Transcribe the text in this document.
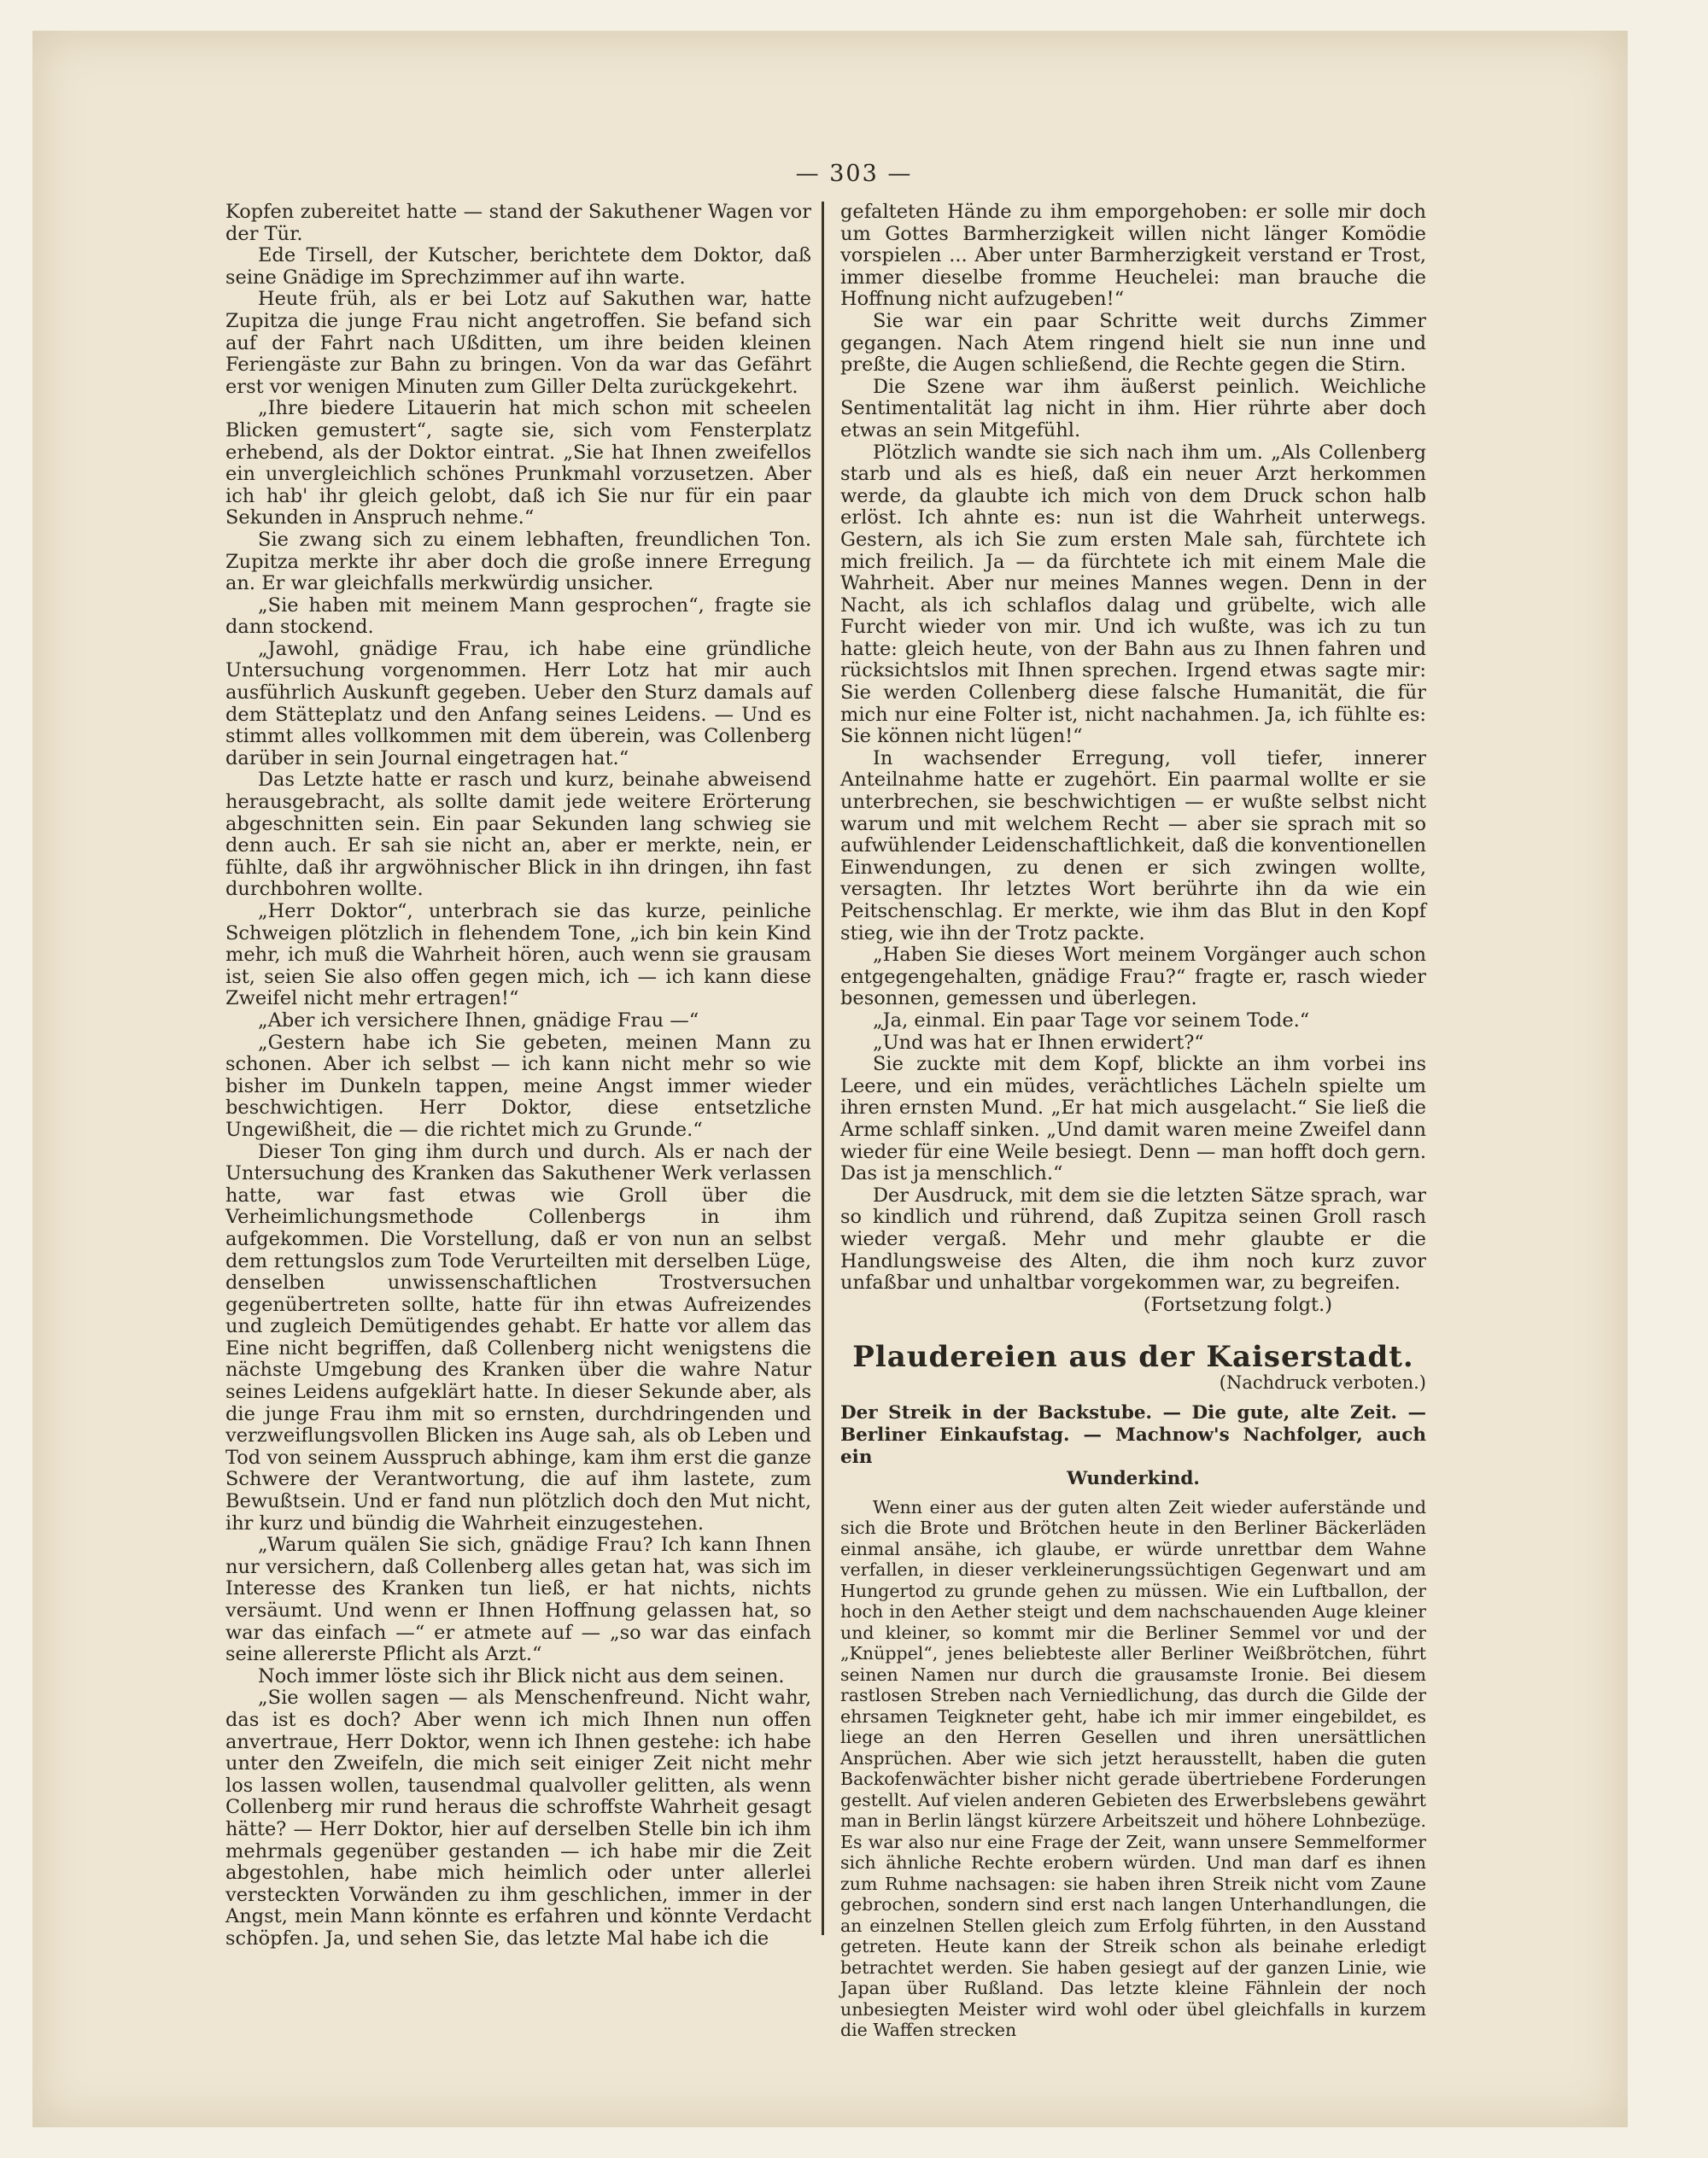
— 303 —

Kopfen zubereitet hatte — stand der Sakuthener Wagen vor der Tür.

Ede Tirsell, der Kutscher, berichtete dem Doktor, daß seine Gnädige im Sprechzimmer auf ihn warte.

Heute früh, als er bei Lotz auf Sakuthen war, hatte Zupitza die junge Frau nicht angetroffen. Sie befand sich auf der Fahrt nach Ußditten, um ihre beiden kleinen Feriengäste zur Bahn zu bringen. Von da war das Gefährt erst vor wenigen Minuten zum Giller Delta zurückgekehrt.

„Ihre biedere Litauerin hat mich schon mit scheelen Blicken gemustert“, sagte sie, sich vom Fensterplatz erhebend, als der Doktor eintrat. „Sie hat Ihnen zweifellos ein unvergleichlich schönes Prunkmahl vorzusetzen. Aber ich hab' ihr gleich gelobt, daß ich Sie nur für ein paar Sekunden in Anspruch nehme.“

Sie zwang sich zu einem lebhaften, freundlichen Ton. Zupitza merkte ihr aber doch die große innere Erregung an. Er war gleichfalls merkwürdig unsicher.

„Sie haben mit meinem Mann gesprochen“, fragte sie dann stockend.

„Jawohl, gnädige Frau, ich habe eine gründliche Untersuchung vorgenommen. Herr Lotz hat mir auch ausführlich Auskunft gegeben. Ueber den Sturz damals auf dem Stätteplatz und den Anfang seines Leidens. — Und es stimmt alles vollkommen mit dem überein, was Collenberg darüber in sein Journal eingetragen hat.“

Das Letzte hatte er rasch und kurz, beinahe abweisend herausgebracht, als sollte damit jede weitere Erörterung abgeschnitten sein. Ein paar Sekunden lang schwieg sie denn auch. Er sah sie nicht an, aber er merkte, nein, er fühlte, daß ihr argwöhnischer Blick in ihn dringen, ihn fast durchbohren wollte.

„Herr Doktor“, unterbrach sie das kurze, peinliche Schweigen plötzlich in flehendem Tone, „ich bin kein Kind mehr, ich muß die Wahrheit hören, auch wenn sie grausam ist, seien Sie also offen gegen mich, ich — ich kann diese Zweifel nicht mehr ertragen!“

„Aber ich versichere Ihnen, gnädige Frau —“

„Gestern habe ich Sie gebeten, meinen Mann zu schonen. Aber ich selbst — ich kann nicht mehr so wie bisher im Dunkeln tappen, meine Angst immer wieder beschwichtigen. Herr Doktor, diese entsetzliche Ungewißheit, die — die richtet mich zu Grunde.“

Dieser Ton ging ihm durch und durch. Als er nach der Untersuchung des Kranken das Sakuthener Werk verlassen hatte, war fast etwas wie Groll über die Verheimlichungsmethode Collenbergs in ihm aufgekommen. Die Vorstellung, daß er von nun an selbst dem rettungslos zum Tode Verurteilten mit derselben Lüge, denselben unwissenschaftlichen Trostversuchen gegenübertreten sollte, hatte für ihn etwas Aufreizendes und zugleich Demütigendes gehabt. Er hatte vor allem das Eine nicht begriffen, daß Collenberg nicht wenigstens die nächste Umgebung des Kranken über die wahre Natur seines Leidens aufgeklärt hatte. In dieser Sekunde aber, als die junge Frau ihm mit so ernsten, durchdringenden und verzweiflungsvollen Blicken ins Auge sah, als ob Leben und Tod von seinem Ausspruch abhinge, kam ihm erst die ganze Schwere der Verantwortung, die auf ihm lastete, zum Bewußtsein. Und er fand nun plötzlich doch den Mut nicht, ihr kurz und bündig die Wahrheit einzugestehen.

„Warum quälen Sie sich, gnädige Frau? Ich kann Ihnen nur versichern, daß Collenberg alles getan hat, was sich im Interesse des Kranken tun ließ, er hat nichts, nichts versäumt. Und wenn er Ihnen Hoffnung gelassen hat, so war das einfach —“ er atmete auf — „so war das einfach seine allererste Pflicht als Arzt.“

Noch immer löste sich ihr Blick nicht aus dem seinen.

„Sie wollen sagen — als Menschenfreund. Nicht wahr, das ist es doch? Aber wenn ich mich Ihnen nun offen anvertraue, Herr Doktor, wenn ich Ihnen gestehe: ich habe unter den Zweifeln, die mich seit einiger Zeit nicht mehr los lassen wollen, tausendmal qualvoller gelitten, als wenn Collenberg mir rund heraus die schroffste Wahrheit gesagt hätte? — Herr Doktor, hier auf derselben Stelle bin ich ihm mehrmals gegenüber gestanden — ich habe mir die Zeit abgestohlen, habe mich heimlich oder unter allerlei versteckten Vorwänden zu ihm geschlichen, immer in der Angst, mein Mann könnte es erfahren und könnte Verdacht schöpfen. Ja, und sehen Sie, das letzte Mal habe ich die

gefalteten Hände zu ihm emporgehoben: er solle mir doch um Gottes Barmherzigkeit willen nicht länger Komödie vorspielen ... Aber unter Barmherzigkeit verstand er Trost, immer dieselbe fromme Heuchelei: man brauche die Hoffnung nicht aufzugeben!“

Sie war ein paar Schritte weit durchs Zimmer gegangen. Nach Atem ringend hielt sie nun inne und preßte, die Augen schließend, die Rechte gegen die Stirn.

Die Szene war ihm äußerst peinlich. Weichliche Sentimentalität lag nicht in ihm. Hier rührte aber doch etwas an sein Mitgefühl.

Plötzlich wandte sie sich nach ihm um. „Als Collenberg starb und als es hieß, daß ein neuer Arzt herkommen werde, da glaubte ich mich von dem Druck schon halb erlöst. Ich ahnte es: nun ist die Wahrheit unterwegs. Gestern, als ich Sie zum ersten Male sah, fürchtete ich mich freilich. Ja — da fürchtete ich mit einem Male die Wahrheit. Aber nur meines Mannes wegen. Denn in der Nacht, als ich schlaflos dalag und grübelte, wich alle Furcht wieder von mir. Und ich wußte, was ich zu tun hatte: gleich heute, von der Bahn aus zu Ihnen fahren und rücksichtslos mit Ihnen sprechen. Irgend etwas sagte mir: Sie werden Collenberg diese falsche Humanität, die für mich nur eine Folter ist, nicht nachahmen. Ja, ich fühlte es: Sie können nicht lügen!“

In wachsender Erregung, voll tiefer, innerer Anteilnahme hatte er zugehört. Ein paarmal wollte er sie unterbrechen, sie beschwichtigen — er wußte selbst nicht warum und mit welchem Recht — aber sie sprach mit so aufwühlender Leidenschaftlichkeit, daß die konventionellen Einwendungen, zu denen er sich zwingen wollte, versagten. Ihr letztes Wort berührte ihn da wie ein Peitschenschlag. Er merkte, wie ihm das Blut in den Kopf stieg, wie ihn der Trotz packte.

„Haben Sie dieses Wort meinem Vorgänger auch schon entgegengehalten, gnädige Frau?“ fragte er, rasch wieder besonnen, gemessen und überlegen.

„Ja, einmal. Ein paar Tage vor seinem Tode.“

„Und was hat er Ihnen erwidert?“

Sie zuckte mit dem Kopf, blickte an ihm vorbei ins Leere, und ein müdes, verächtliches Lächeln spielte um ihren ernsten Mund. „Er hat mich ausgelacht.“ Sie ließ die Arme schlaff sinken. „Und damit waren meine Zweifel dann wieder für eine Weile besiegt. Denn — man hofft doch gern. Das ist ja menschlich.“

Der Ausdruck, mit dem sie die letzten Sätze sprach, war so kindlich und rührend, daß Zupitza seinen Groll rasch wieder vergaß. Mehr und mehr glaubte er die Handlungsweise des Alten, die ihm noch kurz zuvor unfaßbar und unhaltbar vorgekommen war, zu begreifen.

(Fortsetzung folgt.)

Plaudereien aus der Kaiserstadt.
(Nachdruck verboten.)
Der Streik in der Backstube. — Die gute, alte Zeit. — Berliner Einkaufstag. — Machnow's Nachfolger, auch ein
Wunderkind.

Wenn einer aus der guten alten Zeit wieder auferstände und sich die Brote und Brötchen heute in den Berliner Bäckerläden einmal ansähe, ich glaube, er würde unrettbar dem Wahne verfallen, in dieser verkleinerungssüchtigen Gegenwart und am Hungertod zu grunde gehen zu müssen. Wie ein Luftballon, der hoch in den Aether steigt und dem nachschauenden Auge kleiner und kleiner, so kommt mir die Berliner Semmel vor und der „Knüppel“, jenes beliebteste aller Berliner Weißbrötchen, führt seinen Namen nur durch die grausamste Ironie. Bei diesem rastlosen Streben nach Verniedlichung, das durch die Gilde der ehrsamen Teigkneter geht, habe ich mir immer eingebildet, es liege an den Herren Gesellen und ihren unersättlichen Ansprüchen. Aber wie sich jetzt herausstellt, haben die guten Backofenwächter bisher nicht gerade übertriebene Forderungen gestellt. Auf vielen anderen Gebieten des Erwerbslebens gewährt man in Berlin längst kürzere Arbeitszeit und höhere Lohnbezüge. Es war also nur eine Frage der Zeit, wann unsere Semmelformer sich ähnliche Rechte erobern würden. Und man darf es ihnen zum Ruhme nachsagen: sie haben ihren Streik nicht vom Zaune gebrochen, sondern sind erst nach langen Unterhandlungen, die an einzelnen Stellen gleich zum Erfolg führten, in den Ausstand getreten. Heute kann der Streik schon als beinahe erledigt betrachtet werden. Sie haben gesiegt auf der ganzen Linie, wie Japan über Rußland. Das letzte kleine Fähnlein der noch unbesiegten Meister wird wohl oder übel gleichfalls in kurzem die Waffen strecken
